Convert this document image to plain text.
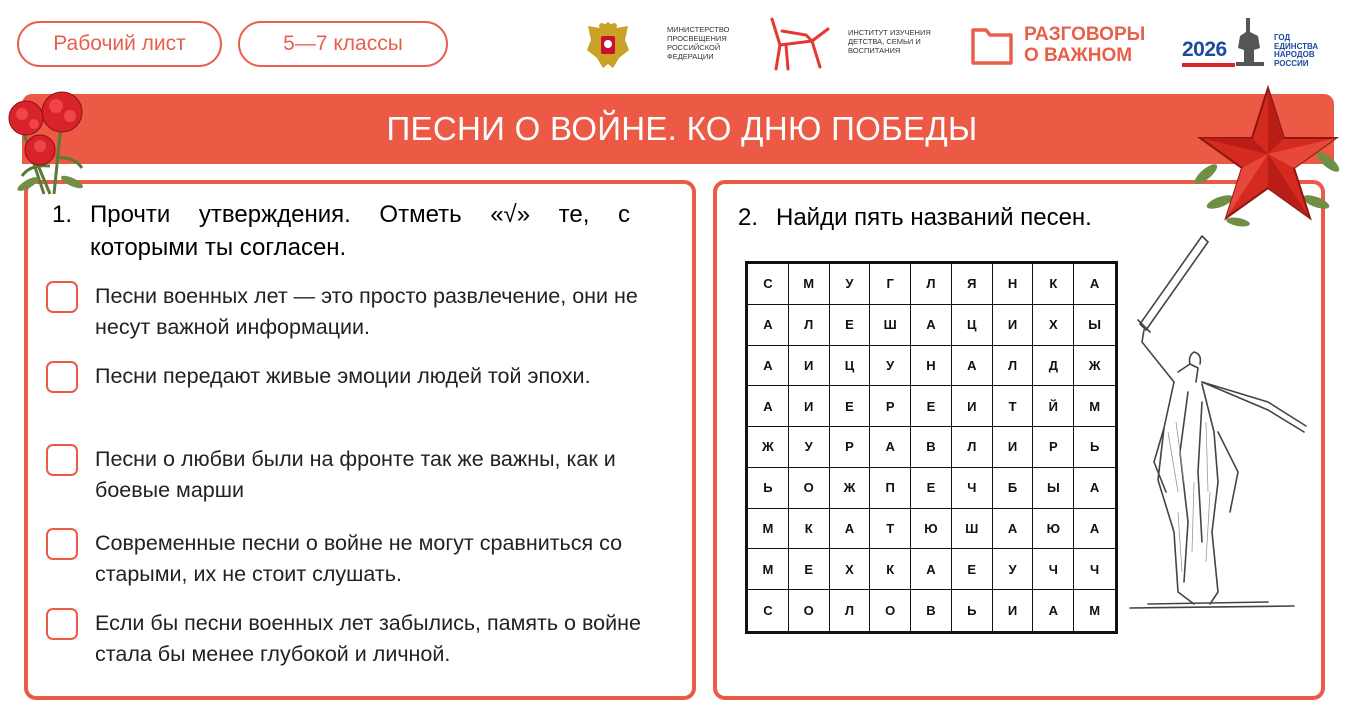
Рабочий лист	5—7 классы
МИНИСТЕРСТВО ПРОСВЕЩЕНИЯ РОССИЙСКОЙ ФЕДЕРАЦИИ
ИНСТИТУТ ИЗУЧЕНИЯ ДЕТСТВА, СЕМЬИ И ВОСПИТАНИЯ
РАЗГОВОРЫ
О ВАЖНОМ	2026
ГОД
ЕДИНСТВА
НАРОДОВ
РОССИИ
ПЕСНИ О ВОЙНЕ. КО ДНЮ ПОБЕДЫ
1. Прочти утверждения. Отметь «√» те, с которыми ты согласен.
Песни военных лет — это просто развлечение, они не несут важной информации.
Песни передают живые эмоции людей той эпохи.
Песни о любви были на фронте так же важны, как и боевые марши
Современные песни о войне не могут сравниться со старыми, их не стоит слушать.
Если бы песни военных лет забылись, память о войне стала бы менее глубокой и личной.
2. Найди пять названий песен.
С	М	У	Г	Л	Я	Н	К	А
А	Л	Е	Ш	А	Ц	И	Х	Ы
А	И	Ц	У	Н	А	Л	Д	Ж
А	И	Е	Р	Е	И	Т	Й	М
Ж	У	Р	А	В	Л	И	Р	Ь
Ь	О	Ж	П	Е	Ч	Б	Ы	А
М	К	А	Т	Ю	Ш	А	Ю	А
М	Е	Х	К	А	Е	У	Ч	Ч
С	О	Л	О	В	Ь	И	А	М
